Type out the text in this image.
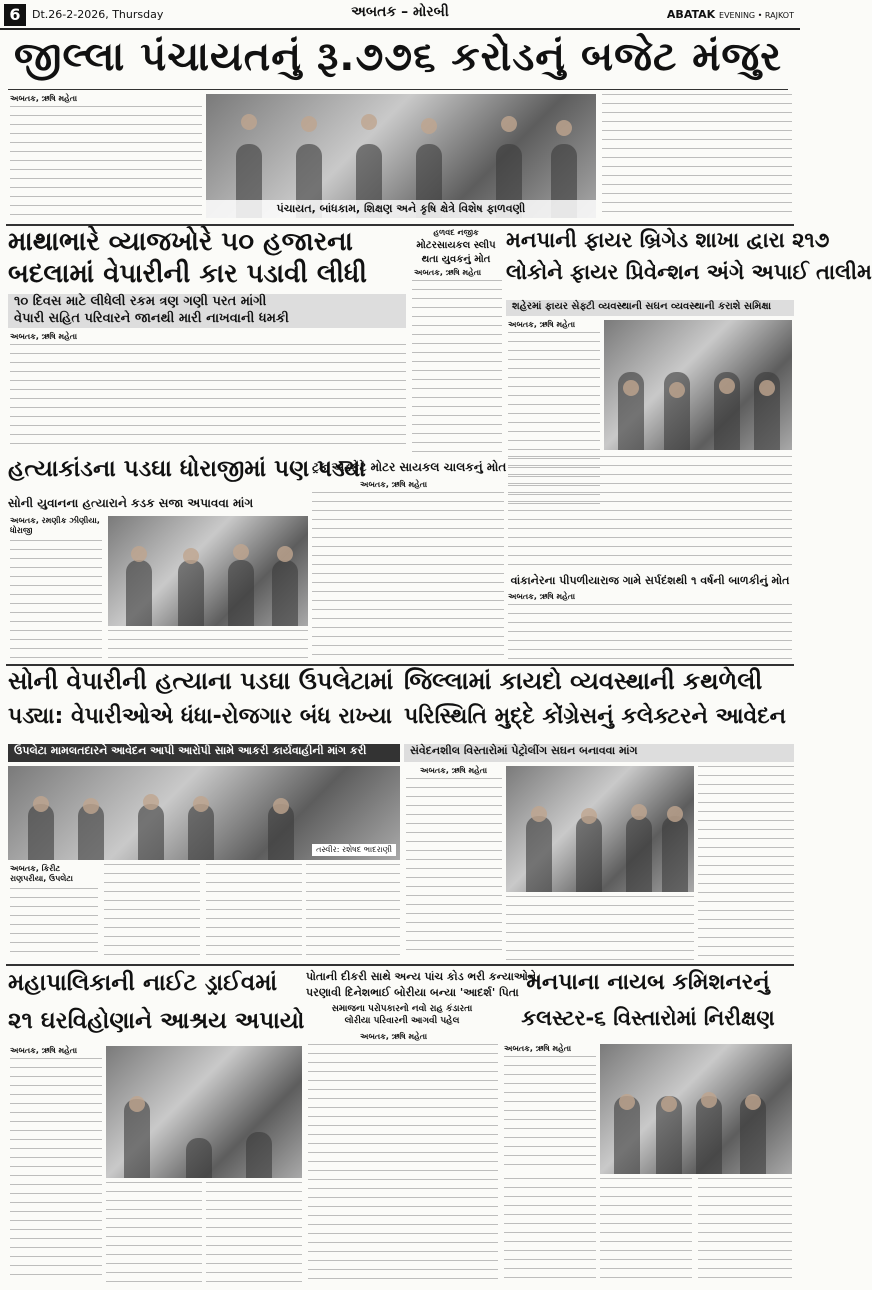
6	Dt.26-2-2026, Thursday	અબતક – મોરબી	ABATAK EVENING • RAJKOT
જીલ્લા પંચાયતનું રૂ.૭૭૬ કરોડનું બજેટ મંજુર
અબતક, ઋષિ મહેતા
પંચાયત, બાંધકામ, શિક્ષણ અને કૃષિ ક્ષેત્રે વિશેષ ફાળવણી
માથાભારે વ્યાજખોરે ૫૦ હજારના
બદલામાં વેપારીની કાર પડાવી લીધી
૧૦ દિવસ માટે લીધેલી રકમ ત્રણ ગણી પરત માંગી
વેપારી સહિત પરિવારને જાનથી મારી નાખવાની ધમકી
અબતક, ઋષિ મહેતા
હળવદ નજીક
મોટરસાયકલ સ્લીપ
થતા યુવકનું મોત
અબતક, ઋષિ મહેતા
મનપાની ફાયર બ્રિગેડ શાખા દ્વારા ૨૧૭
લોકોને ફાયર પ્રિવેન્શન અંગે અપાઈ તાલીમ
શહેરમાં ફાયર સેફ્ટી વ્યવસ્થાની સઘન વ્યવસ્થાની કરાશે સમિક્ષા
અબતક, ઋષિ મહેતા
હત્યાકાંડના પડઘા ધોરાજીમાં પણ પડ્યા
સોની યુવાનના હત્યારાને કડક સજા અપાવવા માંગ
અબતક, રમણીક ઝીણીયા, ધોરાજી
ટ્રક અડફેટે મોટર સાયકલ ચાલકનું મોત
અબતક, ઋષિ મહેતા
વાંકાનેરના પીપળીયારાજ ગામે સર્પદંશથી ૧ વર્ષની બાળકીનું મોત
અબતક, ઋષિ મહેતા
સોની વેપારીની હત્યાના પડઘા ઉપલેટામાં
પડ્યા: વેપારીઓએ ધંધા-રોજગાર બંધ રાખ્યા
ઉપલેટા મામલતદારને આવેદન આપી આરોપી સામે આકરી કાર્યવાહીની માંગ કરી
તસ્વીર: રશેષદ ભાદરાણી
અબતક, કિરીટ રાણપરીયા, ઉપલેટા
જિલ્લામાં કાયદો વ્યવસ્થાની કથળેલી
પરિસ્થિતિ મુદ્દે કોંગ્રેસનું કલેક્ટરને આવેદન
સંવેદનશીલ વિસ્તારોમાં પેટ્રોલીંગ સઘન બનાવવા માંગ
અબતક, ઋષિ મહેતા
મહાપાલિકાની નાઈટ ડ્રાઈવમાં
૨૧ ઘરવિહોણાને આશ્રય અપાયો
અબતક, ઋષિ મહેતા
પોતાની દીકરી સાથે અન્ય પાંચ કોડ ભરી કન્યાઓને
પરણાવી દિનેશભાઈ બોરીયા બન્યા 'આદર્શ' પિતા
સમાજના પરોપકારનો નવો રાહ કંડારતા
લોરીયા પરિવારની આગવી પહેલ
અબતક, ઋષિ મહેતા
મનપાના નાયબ કમિશનરનું
કલસ્ટર-૬ વિસ્તારોમાં નિરીક્ષણ
અબતક, ઋષિ મહેતા
